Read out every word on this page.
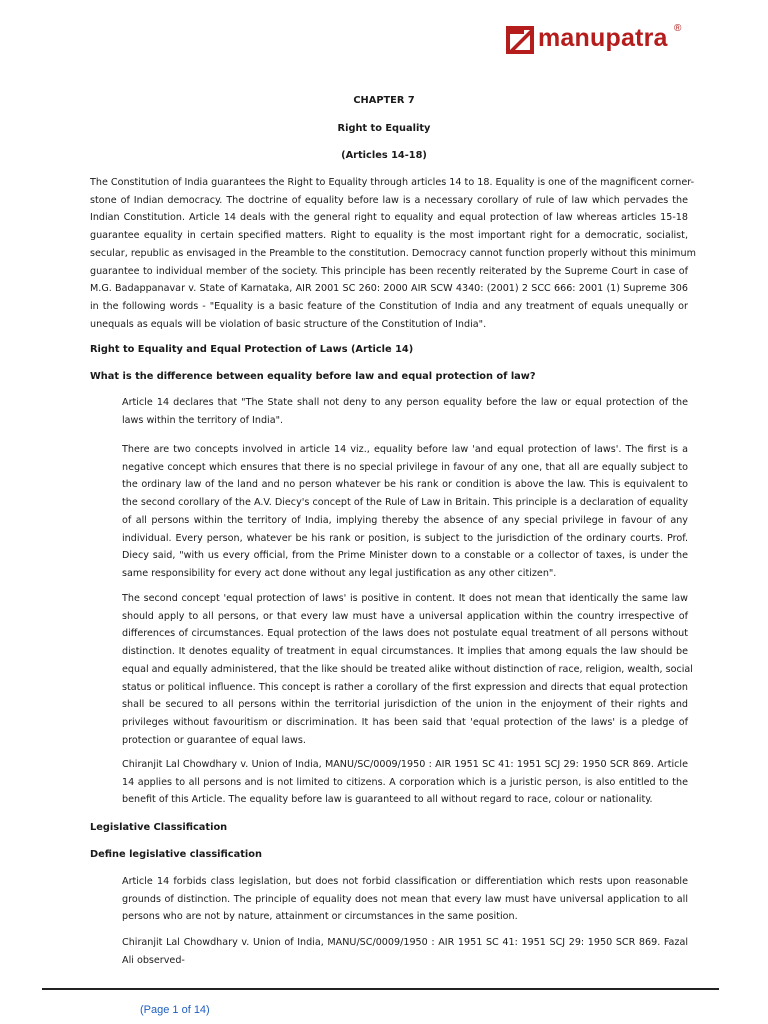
manupatra ®
CHAPTER 7
Right to Equality
(Articles 14-18)
The Constitution of India guarantees the Right to Equality through articles 14 to 18. Equality is one of the magnificent corner-
stone of Indian democracy. The doctrine of equality before law is a necessary corollary of rule of law which pervades the
Indian Constitution. Article 14 deals with the general right to equality and equal protection of law whereas articles 15-18
guarantee equality in certain specified matters. Right to equality is the most important right for a democratic, socialist,
secular, republic as envisaged in the Preamble to the constitution. Democracy cannot function properly without this minimum
guarantee to individual member of the society. This principle has been recently reiterated by the Supreme Court in case of
M.G. Badappanavar v. State of Karnataka, AIR 2001 SC 260: 2000 AIR SCW 4340: (2001) 2 SCC 666: 2001 (1) Supreme 306
in the following words - "Equality is a basic feature of the Constitution of India and any treatment of equals unequally or
unequals as equals will be violation of basic structure of the Constitution of India".
Right to Equality and Equal Protection of Laws (Article 14)
What is the difference between equality before law and equal protection of law?
Article 14 declares that "The State shall not deny to any person equality before the law or equal protection of the
laws within the territory of India".
There are two concepts involved in article 14 viz., equality before law 'and equal protection of laws'. The first is a
negative concept which ensures that there is no special privilege in favour of any one, that all are equally subject to
the ordinary law of the land and no person whatever be his rank or condition is above the law. This is equivalent to
the second corollary of the A.V. Diecy's concept of the Rule of Law in Britain. This principle is a declaration of equality
of all persons within the territory of India, implying thereby the absence of any special privilege in favour of any
individual. Every person, whatever be his rank or position, is subject to the jurisdiction of the ordinary courts. Prof.
Diecy said, "with us every official, from the Prime Minister down to a constable or a collector of taxes, is under the
same responsibility for every act done without any legal justification as any other citizen".
The second concept 'equal protection of laws' is positive in content. It does not mean that identically the same law
should apply to all persons, or that every law must have a universal application within the country irrespective of
differences of circumstances. Equal protection of the laws does not postulate equal treatment of all persons without
distinction. It denotes equality of treatment in equal circumstances. It implies that among equals the law should be
equal and equally administered, that the like should be treated alike without distinction of race, religion, wealth, social
status or political influence. This concept is rather a corollary of the first expression and directs that equal protection
shall be secured to all persons within the territorial jurisdiction of the union in the enjoyment of their rights and
privileges without favouritism or discrimination. It has been said that 'equal protection of the laws' is a pledge of
protection or guarantee of equal laws.
Chiranjit Lal Chowdhary v. Union of India, MANU/SC/0009/1950 : AIR 1951 SC 41: 1951 SCJ 29: 1950 SCR 869. Article
14 applies to all persons and is not limited to citizens. A corporation which is a juristic person, is also entitled to the
benefit of this Article. The equality before law is guaranteed to all without regard to race, colour or nationality.
Legislative Classification
Define legislative classification
Article 14 forbids class legislation, but does not forbid classification or differentiation which rests upon reasonable
grounds of distinction. The principle of equality does not mean that every law must have universal application to all
persons who are not by nature, attainment or circumstances in the same position.
Chiranjit Lal Chowdhary v. Union of India, MANU/SC/0009/1950 : AIR 1951 SC 41: 1951 SCJ 29: 1950 SCR 869. Fazal
Ali observed-
(Page 1 of 14)
